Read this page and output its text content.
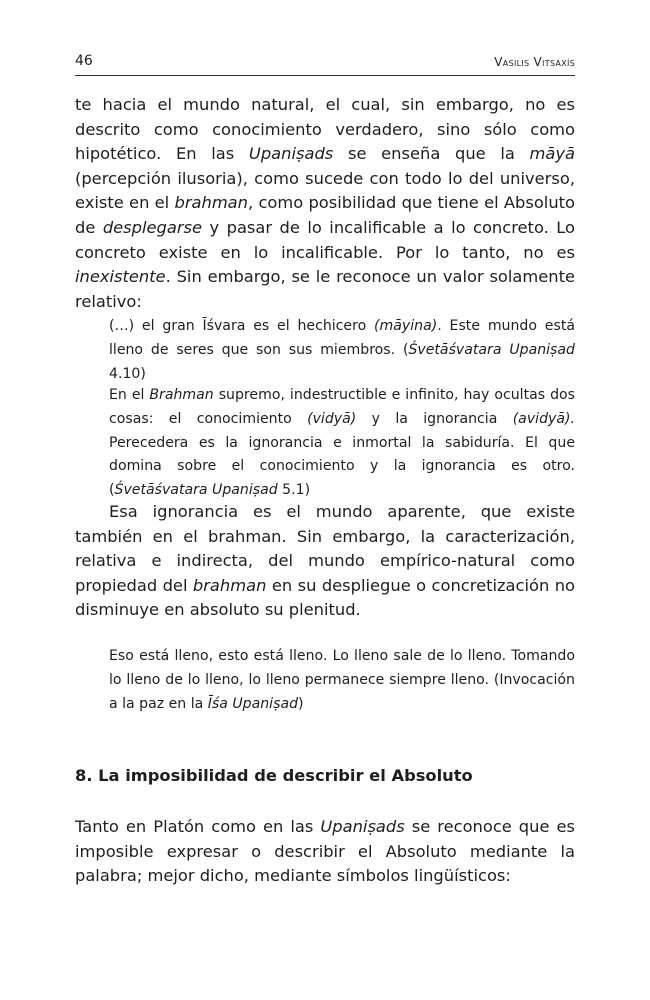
46	Vasilis Vitsaxís

te hacia el mundo natural, el cual, sin embargo, no es descrito como conocimiento verdadero, sino sólo como hipotético. En las Upaniṣads se enseña que la māyā (percepción ilusoria), como sucede con todo lo del universo, existe en el brahman, como posibilidad que tiene el Absoluto de desplegarse y pasar de lo incalificable a lo concreto. Lo concreto existe en lo incalificable. Por lo tanto, no es inexistente. Sin embargo, se le reconoce un valor solamente relativo:

(…) el gran Īśvara es el hechicero (māyina). Este mundo está lleno de seres que son sus miembros. (Śvetāśvatara Upaniṣad 4.10)

En el Brahman supremo, indestructible e infinito, hay ocultas dos cosas: el conocimiento (vidyā) y la ignorancia (avidyā). Perecedera es la ignorancia e inmortal la sabiduría. El que domina sobre el conocimiento y la ignorancia es otro. (Śvetāśvatara Upaniṣad 5.1)

Esa ignorancia es el mundo aparente, que existe también en el brahman. Sin embargo, la caracterización, relativa e indirecta, del mundo empírico-natural como propiedad del brahman en su despliegue o concretización no disminuye en absoluto su plenitud.

Eso está lleno, esto está lleno. Lo lleno sale de lo lleno. Tomando lo lleno de lo lleno, lo lleno permanece siempre lleno. (Invocación a la paz en la Īśa Upaniṣad)

8. La imposibilidad de describir el Absoluto

Tanto en Platón como en las Upaniṣads se reconoce que es imposible expresar o describir el Absoluto mediante la palabra; mejor dicho, mediante símbolos lingüísticos:
